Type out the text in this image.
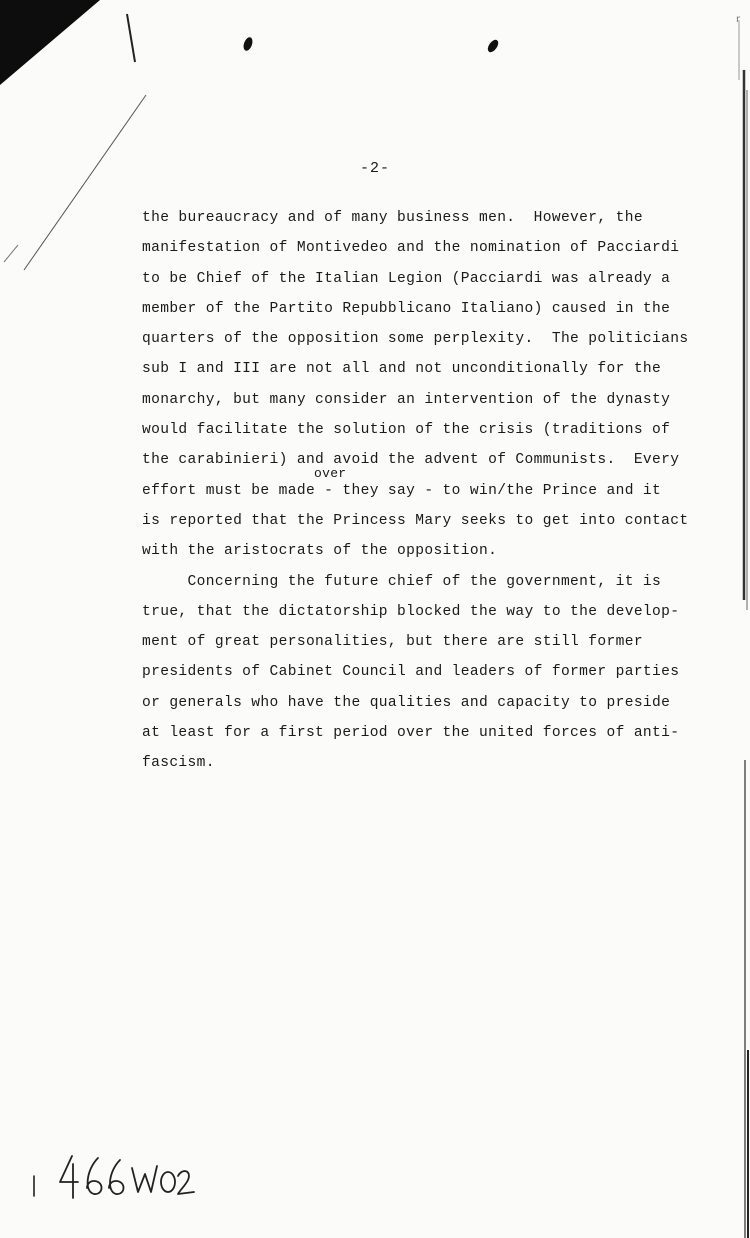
r
-2-
over
the bureaucracy and of many business men.  However, the
manifestation of Montivedeo and the nomination of Pacciardi
to be Chief of the Italian Legion (Pacciardi was already a
member of the Partito Repubblicano Italiano) caused in the
quarters of the opposition some perplexity.  The politicians
sub I and III are not all and not unconditionally for the
monarchy, but many consider an intervention of the dynasty
would facilitate the solution of the crisis (traditions of
the carabinieri) and avoid the advent of Communists.  Every
effort must be made - they say - to win/the Prince and it
is reported that the Princess Mary seeks to get into contact
with the aristocrats of the opposition.
Concerning the future chief of the government, it is
true, that the dictatorship blocked the way to the develop-
ment of great personalities, but there are still former
presidents of Cabinet Council and leaders of former parties
or generals who have the qualities and capacity to preside
at least for a first period over the united forces of anti-
fascism.
